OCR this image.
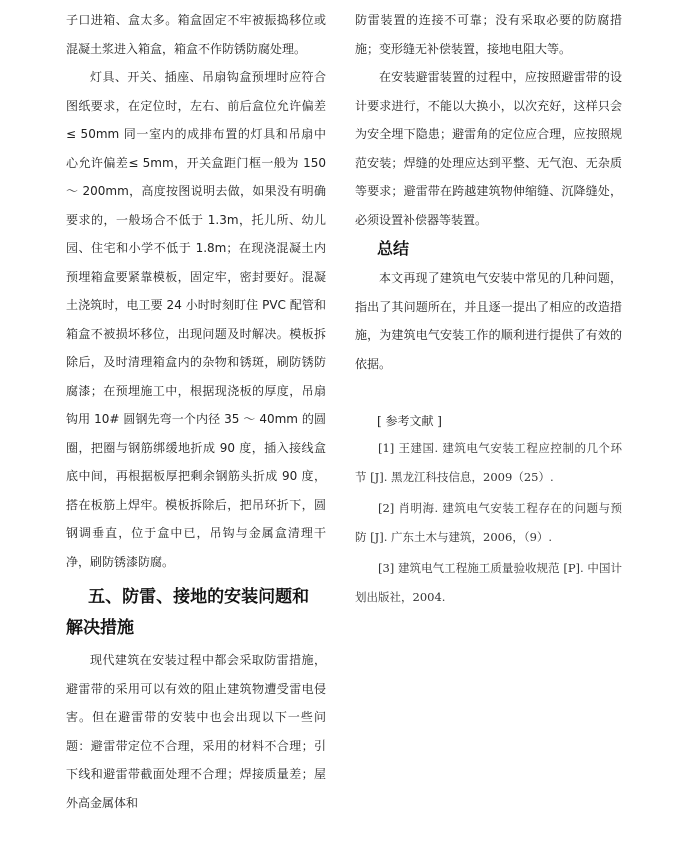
子口进箱、盒太多。箱盒固定不牢被振捣移位或混凝土浆进入箱盒，箱盒不作防锈防腐处理。

灯具、开关、插座、吊扇钩盒预埋时应符合图纸要求，在定位时，左右、前后盒位允许偏差≤ 50mm 同一室内的成排布置的灯具和吊扇中心允许偏差≤ 5mm，开关盒距门框一般为 150 ～ 200mm，高度按图说明去做，如果没有明确要求的，一般场合不低于 1.3m，托儿所、幼儿园、住宅和小学不低于 1.8m；在现浇混凝土内预埋箱盒要紧靠模板，固定牢，密封要好。混凝土浇筑时，电工要 24 小时时刻盯住 PVC 配管和箱盒不被损坏移位，出现问题及时解决。模板拆除后，及时清理箱盒内的杂物和锈斑，刷防锈防腐漆；在预埋施工中，根据现浇板的厚度，吊扇钩用 10# 圆钢先弯一个内径 35 ～ 40mm 的圆圈，把圈与钢筋绑缓地折成 90 度，插入接线盒底中间，再根据板厚把剩余钢筋头折成 90 度，搭在板筋上焊牢。模板拆除后，把吊环折下，圆钢调垂直，位于盒中已，吊钩与金属盒清理干净，刷防锈漆防腐。

五、防雷、接地的安装问题和解决措施

现代建筑在安装过程中都会采取防雷措施，避雷带的采用可以有效的阻止建筑物遭受雷电侵害。但在避雷带的安装中也会出现以下一些问题：避雷带定位不合理，采用的材料不合理；引下线和避雷带截面处理不合理；焊接质量差；屋外高金属体和

防雷装置的连接不可靠；没有采取必要的防腐措施；变形缝无补偿装置，接地电阻大等。

在安装避雷装置的过程中，应按照避雷带的设计要求进行，不能以大换小，以次充好，这样只会为安全埋下隐患；避雷角的定位应合理，应按照规范安装；焊缝的处理应达到平整、无气泡、无杂质等要求；避雷带在跨越建筑物伸缩缝、沉降缝处，必须设置补偿器等装置。

总结

本文再现了建筑电气安装中常见的几种问题，指出了其问题所在，并且逐一提出了相应的改造措施，为建筑电气安装工作的顺利进行提供了有效的依据。

[ 参考文献 ]

[1] 王建国. 建筑电气安装工程应控制的几个环节 [J]. 黑龙江科技信息，2009（25）.

[2] 肖明海. 建筑电气安装工程存在的问题与预防 [J]. 广东土木与建筑，2006，（9）.

[3] 建筑电气工程施工质量验收规范 [P]. 中国计划出版社，2004.
